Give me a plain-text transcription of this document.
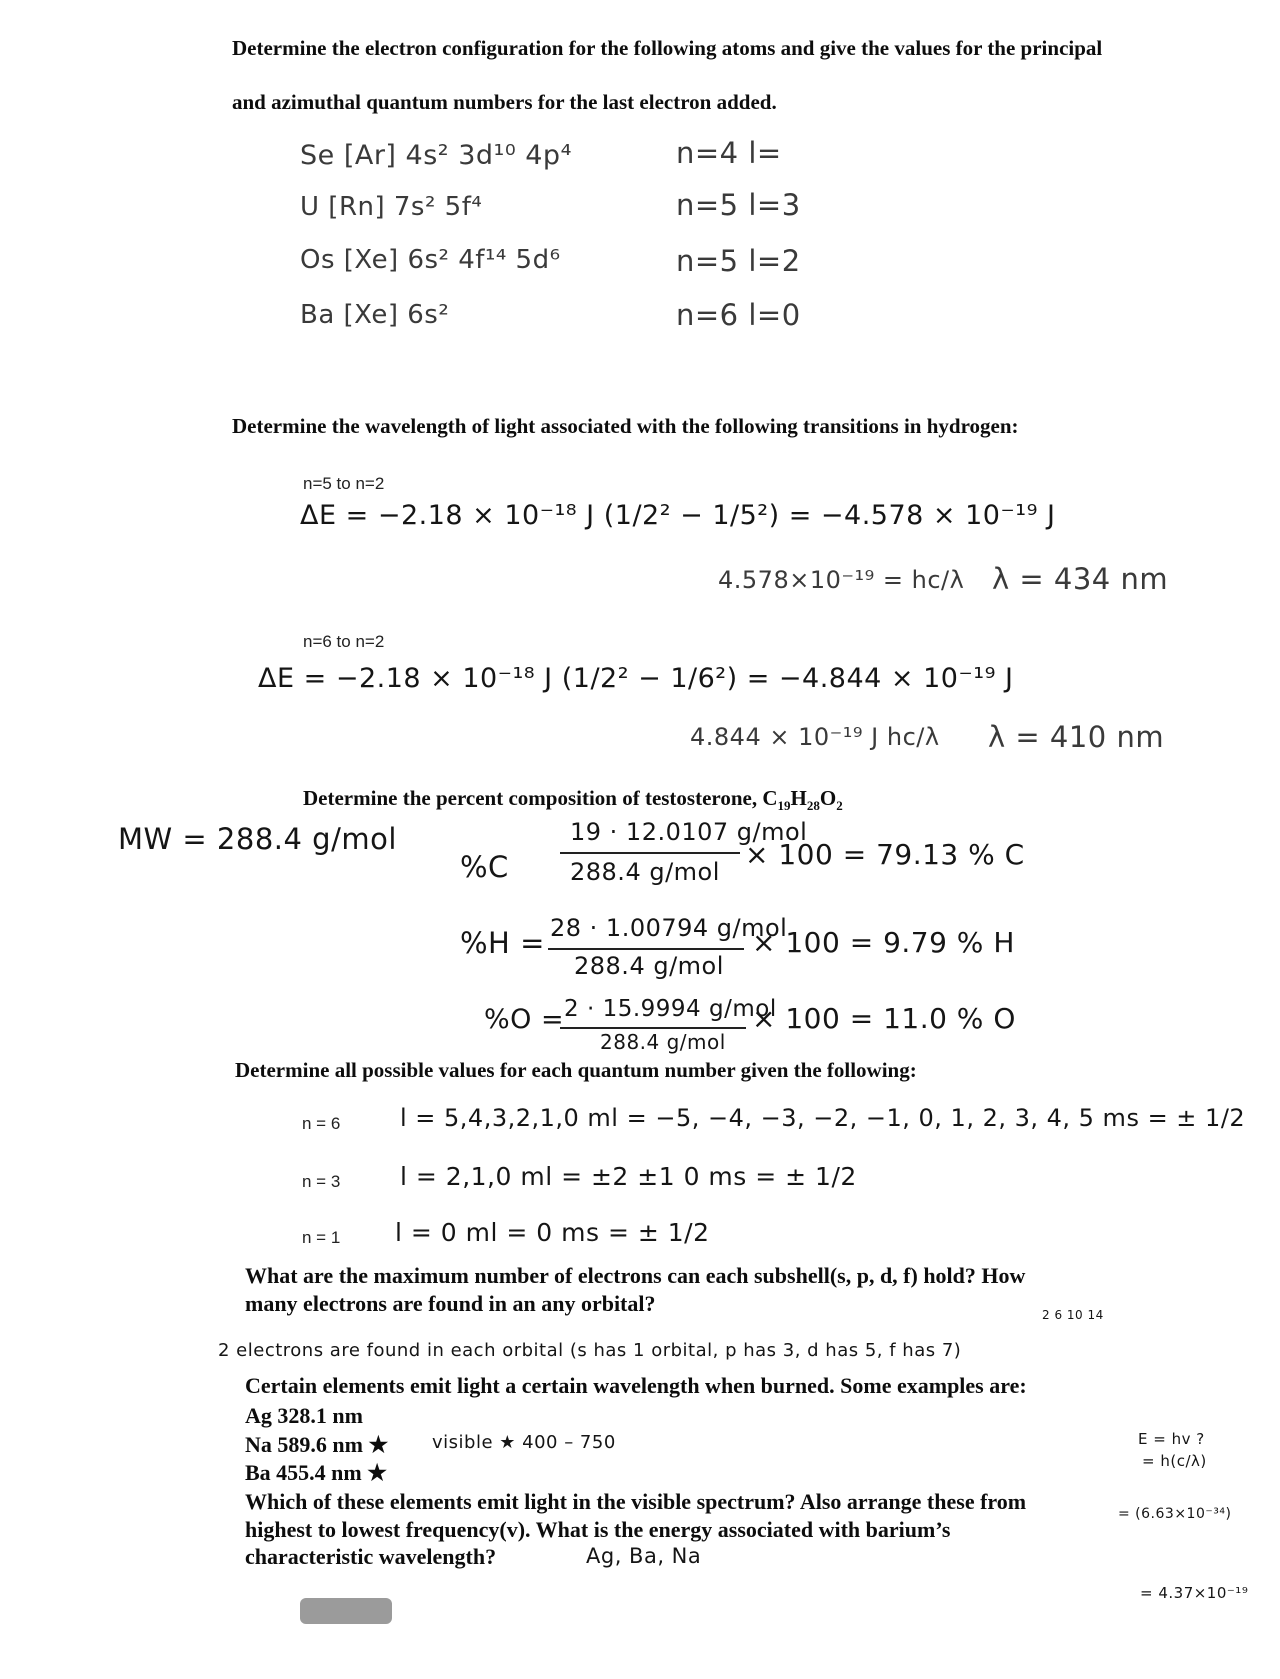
Determine the electron configuration for the following atoms and give the values for the principal
and azimuthal quantum numbers for the last electron added.
Se [Ar] 4s² 3d¹⁰ 4p⁴	n=4 l=
U [Rn] 7s² 5f⁴	n=5 l=3
Os [Xe] 6s² 4f¹⁴ 5d⁶	n=5 l=2
Ba [Xe] 6s²	n=6 l=0
Determine the wavelength of light associated with the following transitions in hydrogen:
n=5 to n=2
ΔE = −2.18 × 10⁻¹⁸ J (1/2² − 1/5²) = −4.578 × 10⁻¹⁹ J
4.578×10⁻¹⁹ = hc/λ λ = 434 nm
n=6 to n=2
ΔE = −2.18 × 10⁻¹⁸ J (1/2² − 1/6²) = −4.844 × 10⁻¹⁹ J
4.844 × 10⁻¹⁹ J hc/λ λ = 410 nm
Determine the percent composition of testosterone, $C_{19}H_{28}O_2$
MW = 288.4 g/mol
%C
19 · 12.0107 g/mol
288.4 g/mol
× 100 = 79.13 % C
%H = 28 · 1.00794 g/mol
288.4 g/mol
× 100 = 9.79 % H
%O = 2 · 15.9994 g/mol
288.4 g/mol
× 100 = 11.0 % O
Determine all possible values for each quantum number given the following:
n = 6 l = 5,4,3,2,1,0 ml = −5, −4, −3, −2, −1, 0, 1, 2, 3, 4, 5 ms = ± 1/2
n = 3 l = 2,1,0 ml = ±2 ±1 0 ms = ± 1/2
n = 1 l = 0 ml = 0 ms = ± 1/2
What are the maximum number of electrons can each subshell(s, p, d, f) hold? How
many electrons are found in an any orbital?	2 6 10 14
2 electrons are found in each orbital (s has 1 orbital, p has 3, d has 5, f has 7)
Certain elements emit light a certain wavelength when burned. Some examples are:
Ag 328.1 nm
Na 589.6 nm ★ visible ★ 400 – 750
Ba 455.4 nm ★
Which of these elements emit light in the visible spectrum? Also arrange these from
highest to lowest frequency(v). What is the energy associated with barium’s
characteristic wavelength?	Ag, Ba, Na
E = hv ?
= h(c/λ)
= (6.63×10⁻³⁴)
= 4.37×10⁻¹⁹
